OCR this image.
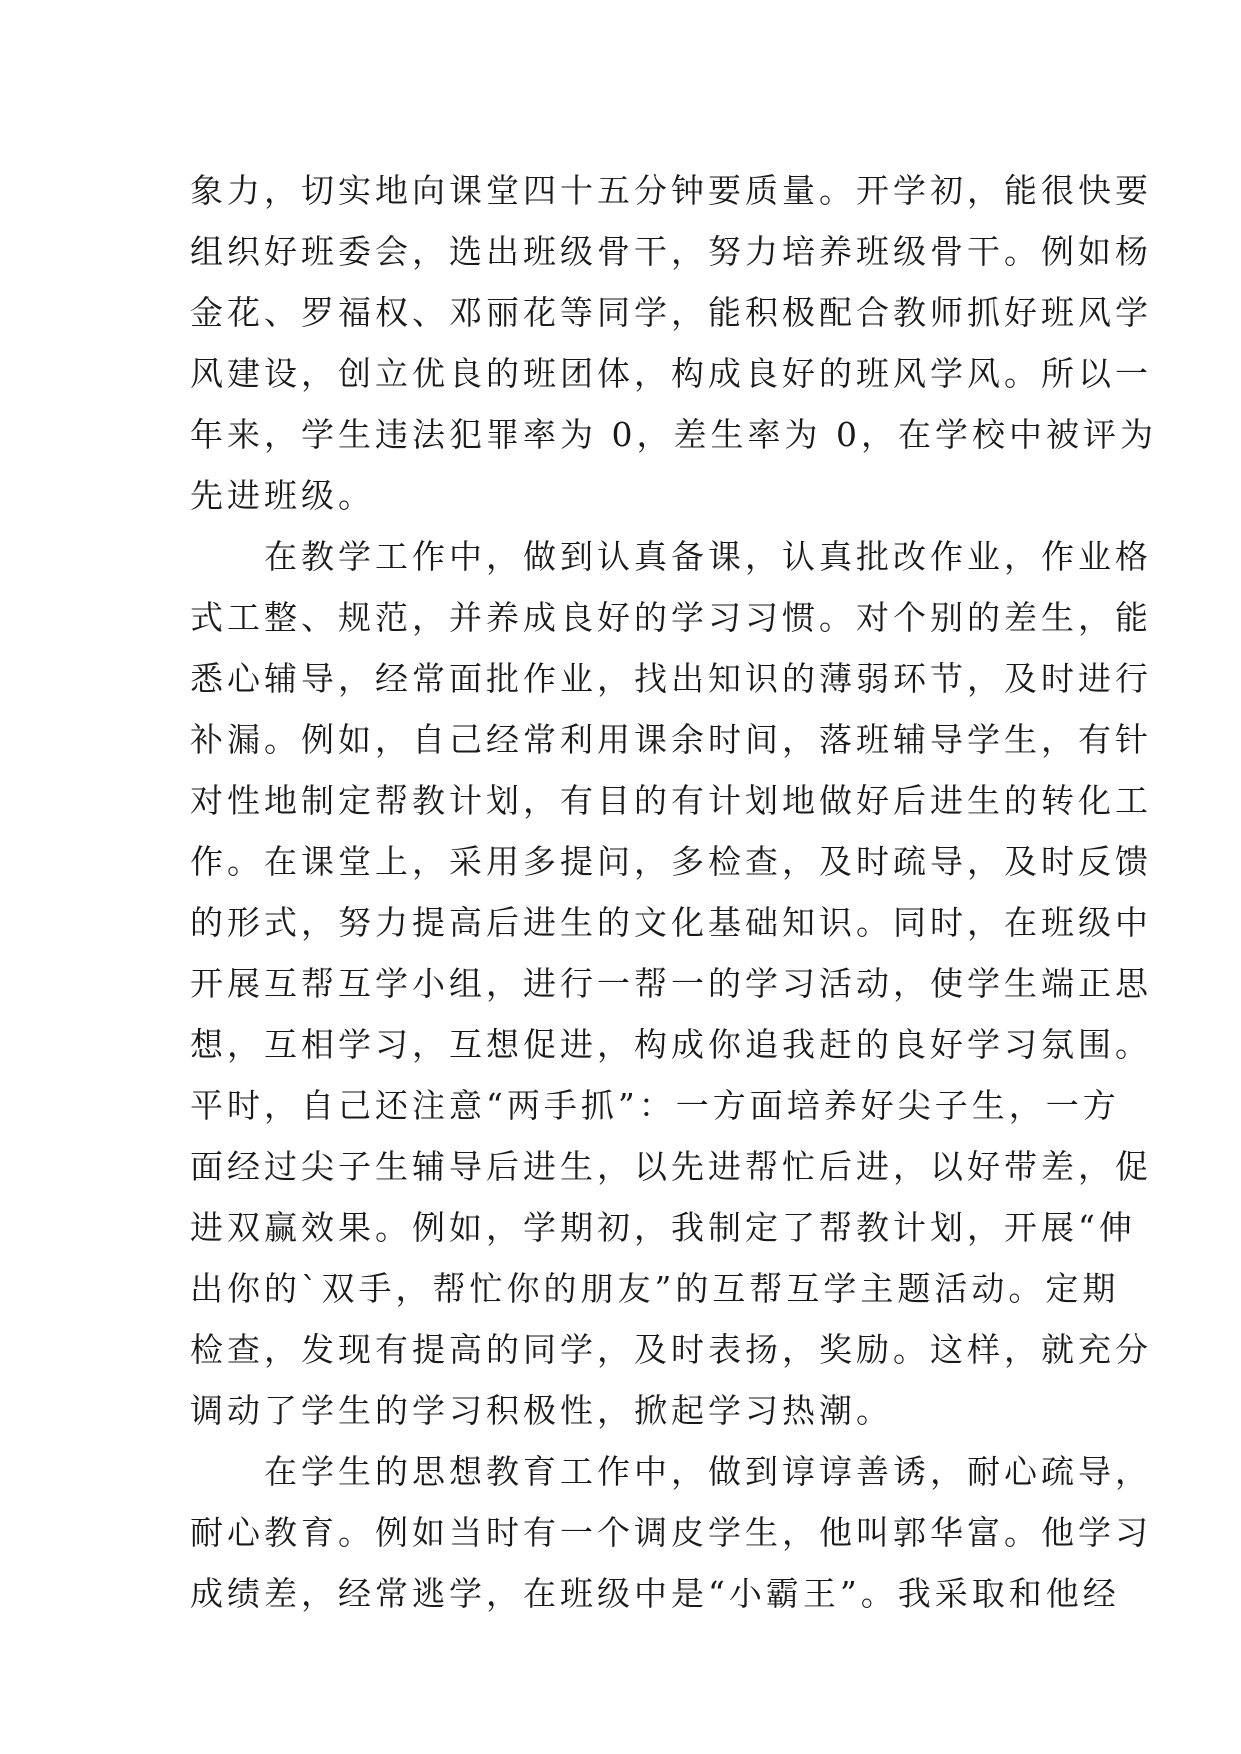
象力，切实地向课堂四十五分钟要质量。开学初，能很快要
组织好班委会，选出班级骨干，努力培养班级骨干。例如杨
金花、罗福权、邓丽花等同学，能积极配合教师抓好班风学
风建设，创立优良的班团体，构成良好的班风学风。所以一
年来，学生违法犯罪率为 0，差生率为 0，在学校中被评为
先进班级。
　　在教学工作中，做到认真备课，认真批改作业，作业格
式工整、规范，并养成良好的学习习惯。对个别的差生，能
悉心辅导，经常面批作业，找出知识的薄弱环节，及时进行
补漏。例如，自己经常利用课余时间，落班辅导学生，有针
对性地制定帮教计划，有目的有计划地做好后进生的转化工
作。在课堂上，采用多提问，多检查，及时疏导，及时反馈
的形式，努力提高后进生的文化基础知识。同时，在班级中
开展互帮互学小组，进行一帮一的学习活动，使学生端正思
想，互相学习，互想促进，构成你追我赶的良好学习氛围。
平时，自己还注意“两手抓”：一方面培养好尖子生，一方
面经过尖子生辅导后进生，以先进帮忙后进，以好带差，促
进双赢效果。例如，学期初，我制定了帮教计划，开展“伸
出你的`双手，帮忙你的朋友”的互帮互学主题活动。定期
检查，发现有提高的同学，及时表扬，奖励。这样，就充分
调动了学生的学习积极性，掀起学习热潮。
　　在学生的思想教育工作中，做到谆谆善诱，耐心疏导，
耐心教育。例如当时有一个调皮学生，他叫郭华富。他学习
成绩差，经常逃学，在班级中是“小霸王”。我采取和他经
